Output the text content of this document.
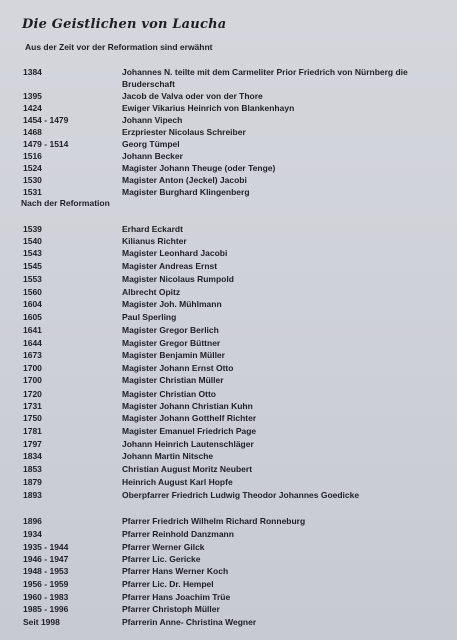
Die Geistlichen von Laucha
Aus der Zeit vor der Reformation sind erwähnt
Nach der Reformation
1384	Johannes N. teilte mit dem Carmeliter Prior Friedrich von Nürnberg die Bruderschaft
1395	Jacob de Valva oder von der Thore
1424	Ewiger Vikarius Heinrich von Blankenhayn
1454 - 1479	Johann Vipech
1468	Erzpriester Nicolaus Schreiber
1479 - 1514	Georg Tümpel
1516	Johann Becker
1524	Magister Johann Theuge (oder Tenge)
1530	Magister Anton (Jeckel) Jacobi
1531	Magister Burghard Klingenberg
1539	Erhard Eckardt
1540	Kilianus Richter
1543	Magister Leonhard Jacobi
1545	Magister Andreas Ernst
1553	Magister Nicolaus Rumpold
1560	Albrecht Opitz
1604	Magister Joh. Mühlmann
1605	Paul Sperling
1641	Magister Gregor Berlich
1644	Magister Gregor Büttner
1673	Magister Benjamin Müller
1700	Magister Johann Ernst Otto
1700	Magister Christian Müller
1720	Magister Christian Otto
1731	Magister Johann Christian Kuhn
1750	Magister Johann Gotthelf Richter
1781	Magister Emanuel Friedrich Page
1797	Johann Heinrich Lautenschläger
1834	Johann Martin Nitsche
1853	Christian August Moritz Neubert
1879	Heinrich August Karl Hopfe
1893	Oberpfarrer Friedrich Ludwig Theodor Johannes Goedicke
1896	Pfarrer Friedrich Wilhelm Richard Ronneburg
1934	Pfarrer Reinhold Danzmann
1935 - 1944	Pfarrer Werner Gilck
1946 - 1947	Pfarrer Lic. Gericke
1948 - 1953	Pfarrer Hans Werner Koch
1956 - 1959	Pfarrer Lic. Dr. Hempel
1960 - 1983	Pfarrer Hans Joachim Trüe
1985 - 1996	Pfarrer Christoph Müller
Seit 1998	Pfarrerin Anne- Christina Wegner
